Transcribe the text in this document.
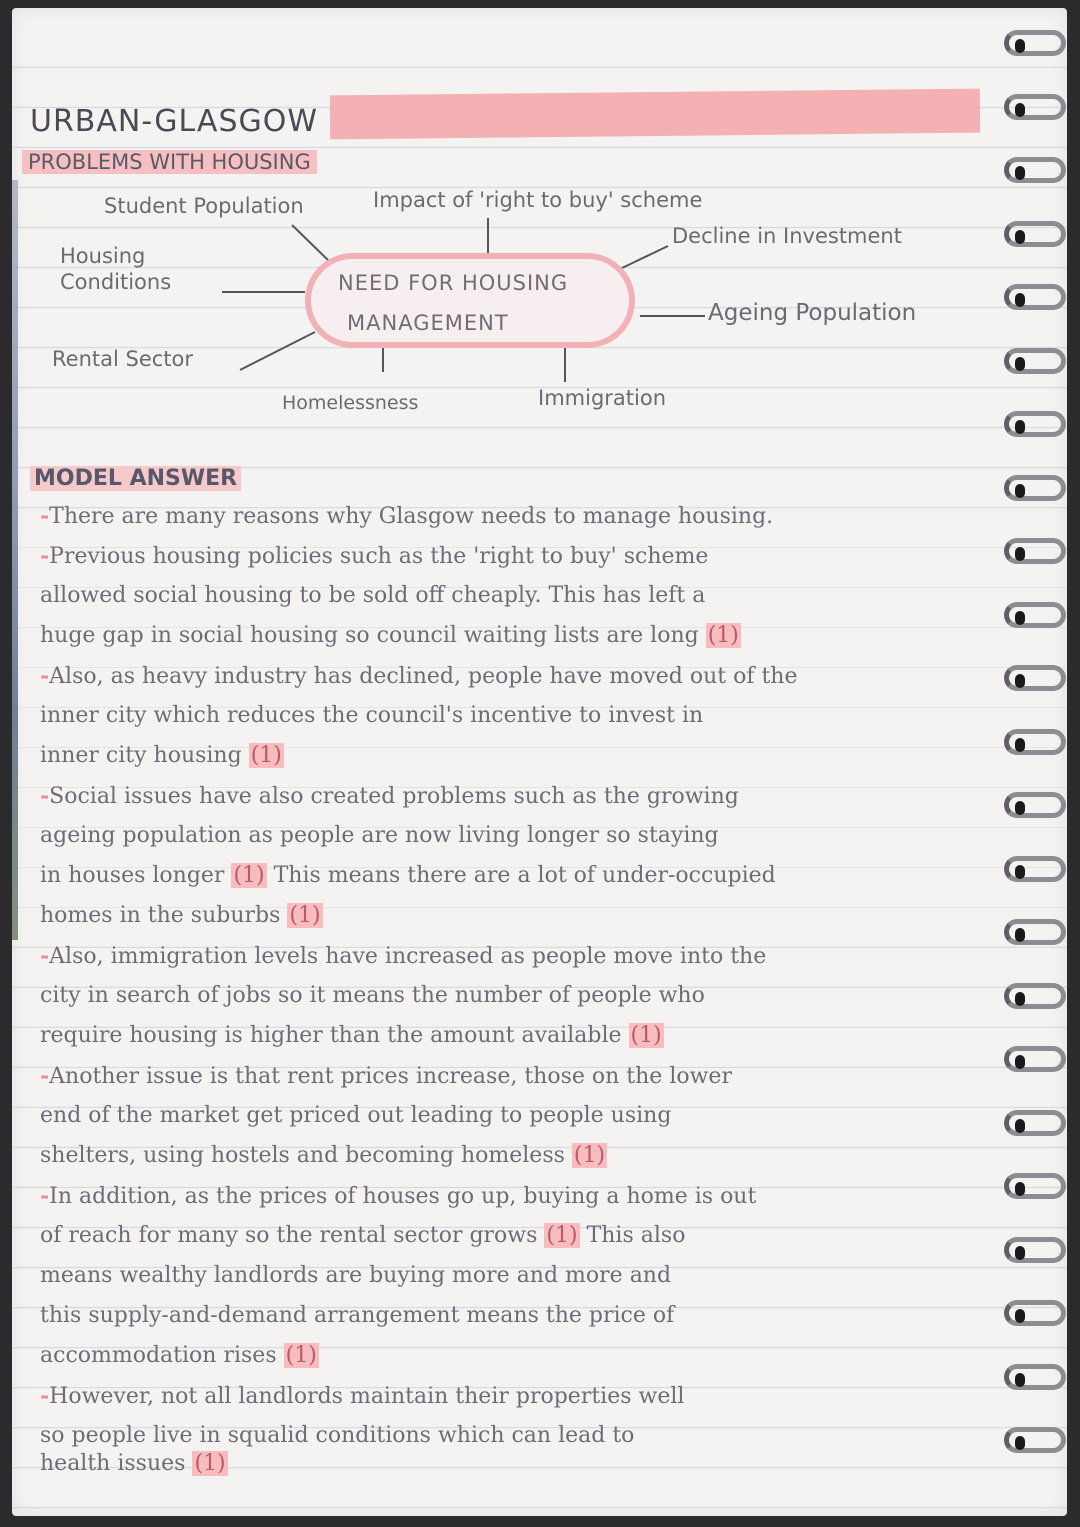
URBAN-GLASGOW
PROBLEMS WITH HOUSING
Student Population	Impact of 'right to buy' scheme
Housing
Conditions
Decline in Investment
Ageing Population
Rental Sector
Homelessness	Immigration
NEED FOR HOUSING
MANAGEMENT
MODEL ANSWER
-There are many reasons why Glasgow needs to manage housing.
-Previous housing policies such as the 'right to buy' scheme
allowed social housing to be sold off cheaply. This has left a
huge gap in social housing so council waiting lists are long (1)
-Also, as heavy industry has declined, people have moved out of the
inner city which reduces the council's incentive to invest in
inner city housing (1)
-Social issues have also created problems such as the growing
ageing population as people are now living longer so staying
in houses longer (1) This means there are a lot of under-occupied
homes in the suburbs (1)
-Also, immigration levels have increased as people move into the
city in search of jobs so it means the number of people who
require housing is higher than the amount available (1)
-Another issue is that rent prices increase, those on the lower
end of the market get priced out leading to people using
shelters, using hostels and becoming homeless (1)
-In addition, as the prices of houses go up, buying a home is out
of reach for many so the rental sector grows (1) This also
means wealthy landlords are buying more and more and
this supply-and-demand arrangement means the price of
accommodation rises (1)
-However, not all landlords maintain their properties well
so people live in squalid conditions which can lead to
health issues (1)
